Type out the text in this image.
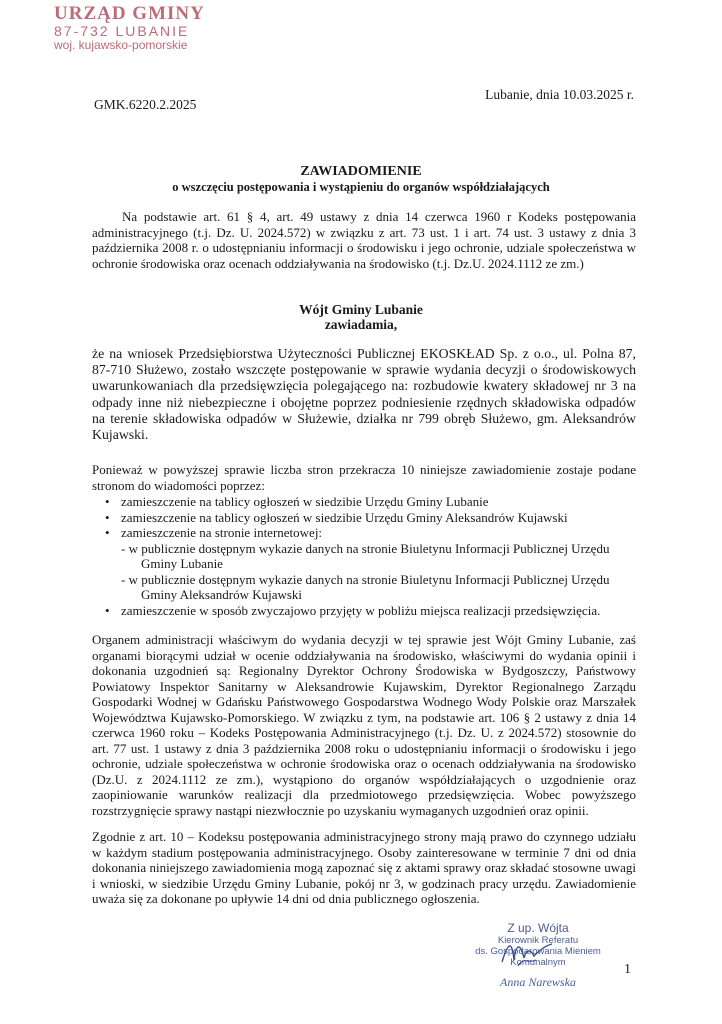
URZĄD GMINY
87-732 LUBANIE
woj. kujawsko-pomorskie
Lubanie, dnia 10.03.2025 r.
GMK.6220.2.2025
ZAWIADOMIENIE
o wszczęciu postępowania i wystąpieniu do organów współdziałających

Na podstawie art. 61 § 4, art. 49 ustawy z dnia 14 czerwca 1960 r Kodeks postępowania administracyjnego (t.j. Dz. U. 2024.572) w związku z art. 73 ust. 1 i art. 74 ust. 3 ustawy z dnia 3 października 2008 r. o udostępnianiu informacji o środowisku i jego ochronie, udziale społeczeństwa w ochronie środowiska oraz ocenach oddziaływania na środowisko (t.j. Dz.U. 2024.1112 ze zm.)

Wójt Gminy Lubanie
zawiadamia,

że na wniosek Przedsiębiorstwa Użyteczności Publicznej EKOSKŁAD Sp. z o.o., ul. Polna 87, 87-710 Służewo, zostało wszczęte postępowanie w sprawie wydania decyzji o środowiskowych uwarunkowaniach dla przedsięwzięcia polegającego na: rozbudowie kwatery składowej nr 3 na odpady inne niż niebezpieczne i obojętne poprzez podniesienie rzędnych składowiska odpadów na terenie składowiska odpadów w Służewie, działka nr 799 obręb Służewo, gm. Aleksandrów Kujawski.

Ponieważ w powyższej sprawie liczba stron przekracza 10 niniejsze zawiadomienie zostaje podane stronom do wiadomości poprzez:

• zamieszczenie na tablicy ogłoszeń w siedzibie Urzędu Gminy Lubanie
• zamieszczenie na tablicy ogłoszeń w siedzibie Urzędu Gminy Aleksandrów Kujawski
• zamieszczenie na stronie internetowej:
- w publicznie dostępnym wykazie danych na stronie Biuletynu Informacji Publicznej Urzędu
Gminy Lubanie
- w publicznie dostępnym wykazie danych na stronie Biuletynu Informacji Publicznej Urzędu
Gminy Aleksandrów Kujawski
• zamieszczenie w sposób zwyczajowo przyjęty w pobliżu miejsca realizacji przedsięwzięcia.

Organem administracji właściwym do wydania decyzji w tej sprawie jest Wójt Gminy Lubanie, zaś organami biorącymi udział w ocenie oddziaływania na środowisko, właściwymi do wydania opinii i dokonania uzgodnień są: Regionalny Dyrektor Ochrony Środowiska w Bydgoszczy, Państwowy Powiatowy Inspektor Sanitarny w Aleksandrowie Kujawskim, Dyrektor Regionalnego Zarządu Gospodarki Wodnej w Gdańsku Państwowego Gospodarstwa Wodnego Wody Polskie oraz Marszałek Województwa Kujawsko-Pomorskiego. W związku z tym, na podstawie art. 106 § 2 ustawy z dnia 14 czerwca 1960 roku – Kodeks Postępowania Administracyjnego (t.j. Dz. U. z 2024.572) stosownie do art. 77 ust. 1 ustawy z dnia 3 października 2008 roku o udostępnianiu informacji o środowisku i jego ochronie, udziale społeczeństwa w ochronie środowiska oraz o ocenach oddziaływania na środowisko (Dz.U. z 2024.1112 ze zm.), wystąpiono do organów współdziałających o uzgodnienie oraz zaopiniowanie warunków realizacji dla przedmiotowego przedsięwzięcia. Wobec powyższego rozstrzygnięcie sprawy nastąpi niezwłocznie po uzyskaniu wymaganych uzgodnień oraz opinii.

Zgodnie z art. 10 – Kodeksu postępowania administracyjnego strony mają prawo do czynnego udziału w każdym stadium postępowania administracyjnego. Osoby zainteresowane w terminie 7 dni od dnia dokonania niniejszego zawiadomienia mogą zapoznać się z aktami sprawy oraz składać stosowne uwagi i wnioski, w siedzibie Urzędu Gminy Lubanie, pokój nr 3, w godzinach pracy urzędu. Zawiadomienie uważa się za dokonane po upływie 14 dni od dnia publicznego ogłoszenia.

Z up. Wójta
Kierownik Referatu
ds. Gospodarowania Mieniem Komunalnym
Anna Narewska
1
